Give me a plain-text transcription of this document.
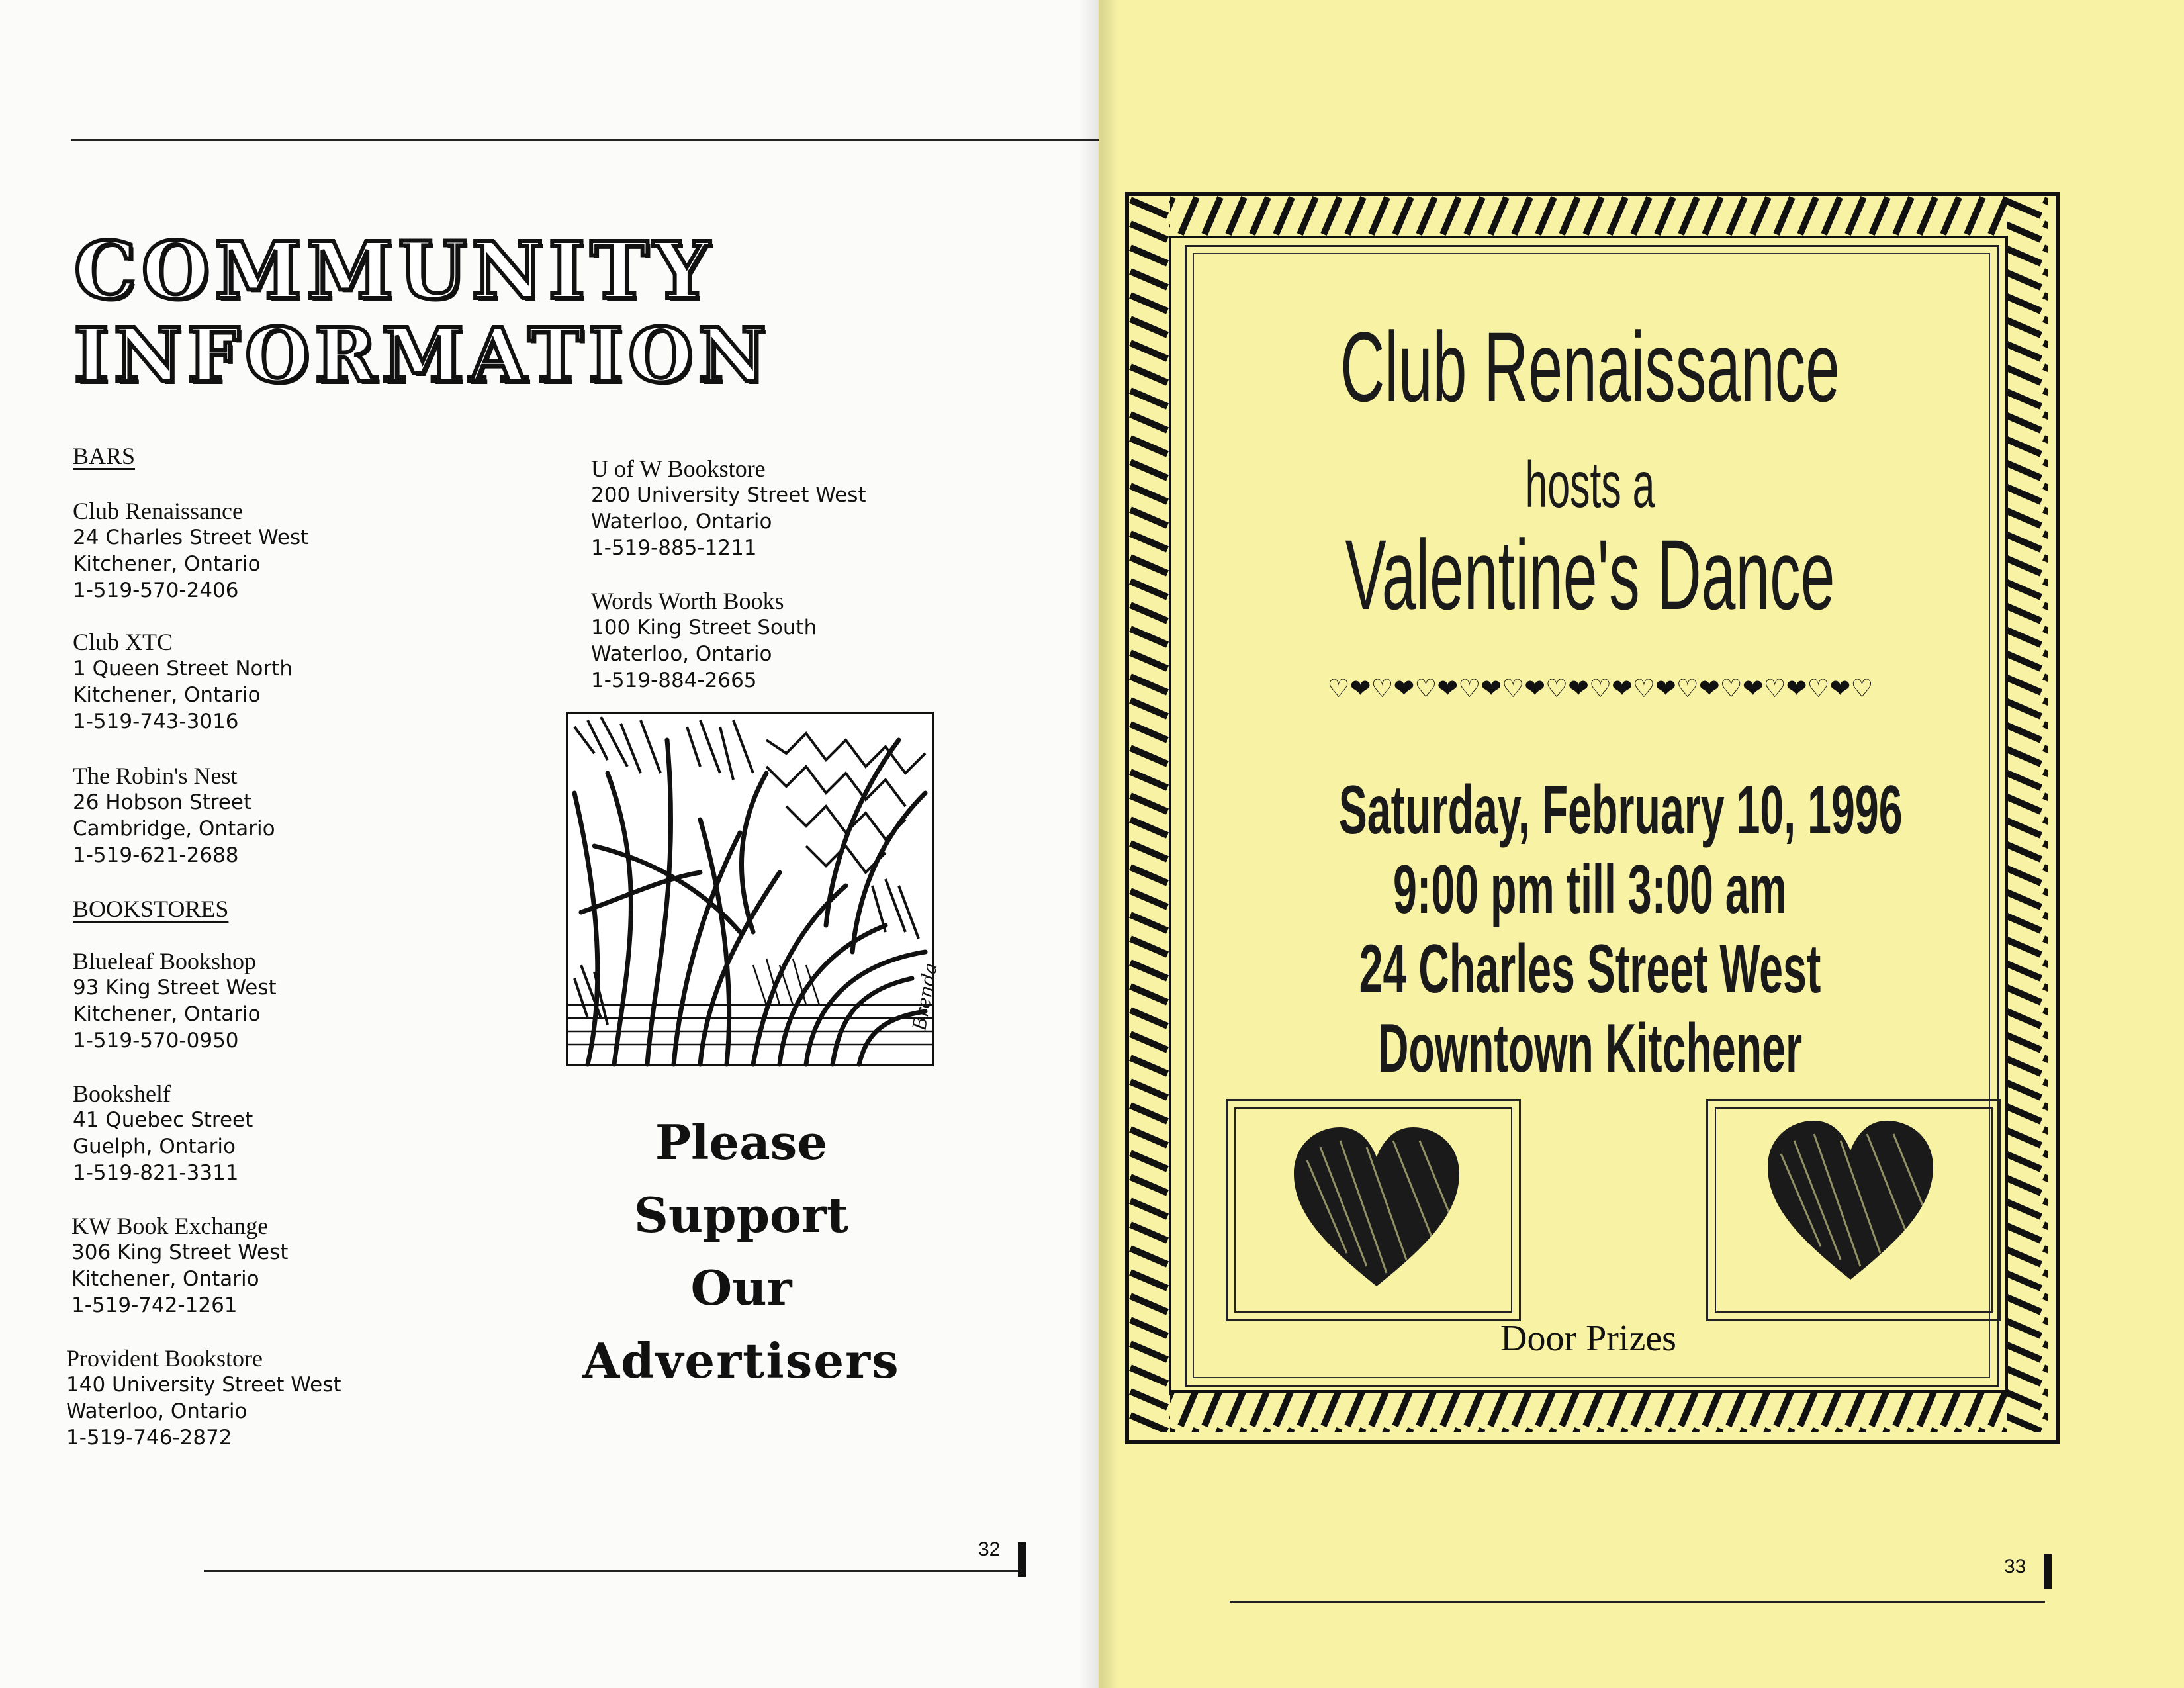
COMMUNITY
INFORMATION
BARS
Club Renaissance
24 Charles Street West
Kitchener, Ontario
1-519-570-2406
Club XTC
1 Queen Street North
Kitchener, Ontario
1-519-743-3016
The Robin's Nest
26 Hobson Street
Cambridge, Ontario
1-519-621-2688
BOOKSTORES
Blueleaf Bookshop
93 King Street West
Kitchener, Ontario
1-519-570-0950
Bookshelf
41 Quebec Street
Guelph, Ontario
1-519-821-3311
KW Book Exchange
306 King Street West
Kitchener, Ontario
1-519-742-1261
Provident Bookstore
140 University Street West
Waterloo, Ontario
1-519-746-2872
U of W Bookstore
200 University Street West
Waterloo, Ontario
1-519-885-1211
Words Worth Books
100 King Street South
Waterloo, Ontario
1-519-884-2665
Brenda
Please
Support
Our
Advertisers
32
Club Renaissance
hosts a
Valentine's Dance
♡❤♡❤♡❤♡❤♡❤♡❤♡❤♡❤♡❤♡❤♡❤♡❤♡
Saturday, February 10, 1996
9:00 pm till 3:00 am
24 Charles Street West
Downtown Kitchener
Door Prizes
33
